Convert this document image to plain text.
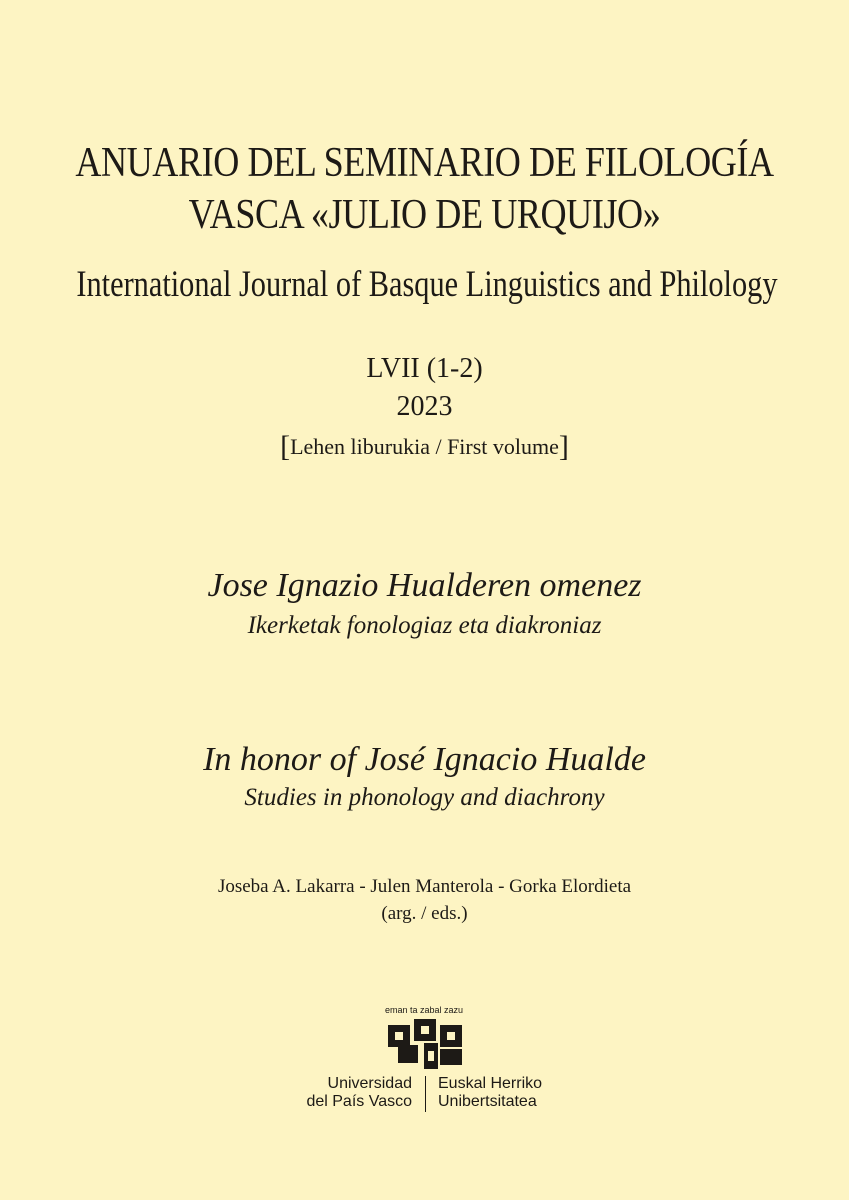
ANUARIO DEL SEMINARIO DE FILOLOGÍA
VASCA «JULIO DE URQUIJO»
International Journal of Basque Linguistics and Philology
LVII (1-2)
2023
[Lehen liburukia / First volume]
Jose Ignazio Hualderen omenez
Ikerketak fonologiaz eta diakroniaz
In honor of José Ignacio Hualde
Studies in phonology and diachrony
Joseba A. Lakarra - Julen Manterola - Gorka Elordieta
(arg. / eds.)
eman ta zabal zazu
Universidad
del País Vasco
Euskal Herriko
Unibertsitatea
